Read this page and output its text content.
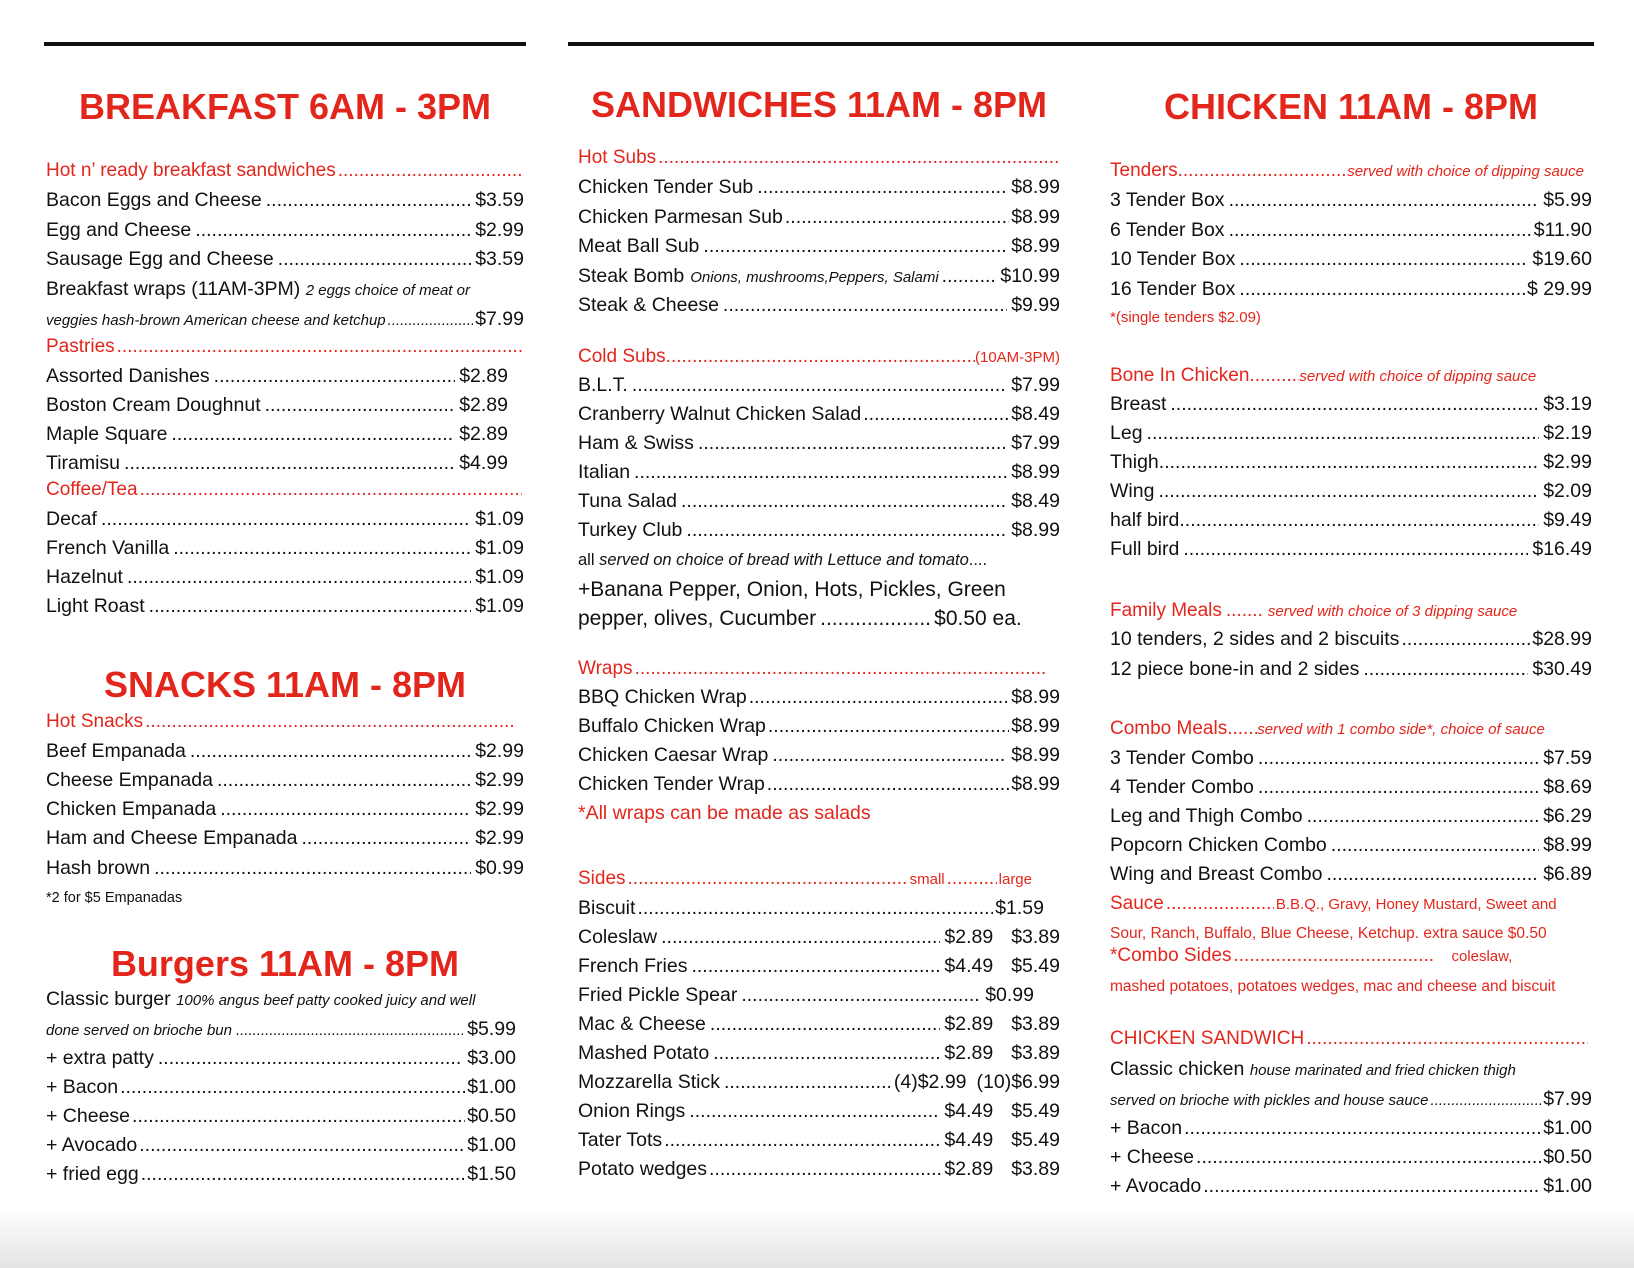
BREAKFAST 6AM - 3PM
Hot n’ ready breakfast sandwiches
.....
Bacon Eggs and Cheese .....	$3.59
Egg and Cheese .....	$2.99
Sausage Egg and Cheese .....	$3.59
Breakfast wraps (11AM-3PM) 2 eggs choice of meat or
veggies hash-brown American cheese and ketchup .....	$7.99
Pastries
.....
Assorted Danishes .....	$2.89
Boston Cream Doughnut .....	$2.89
Maple Square .....	$2.89
Tiramisu .....	$4.99
Coffee/Tea
.....
Decaf .....	$1.09
French Vanilla .....	$1.09
Hazelnut .....	$1.09
Light Roast .....	$1.09
SNACKS 11AM - 8PM
Hot Snacks
.....
Beef Empanada .....	$2.99
Cheese Empanada .....	$2.99
Chicken Empanada .....	$2.99
Ham and Cheese Empanada .....	$2.99
Hash brown .....	$0.99
*2 for $5 Empanadas
Burgers 11AM - 8PM
Classic burger 100% angus beef patty cooked juicy and well
done served on brioche bun .....	$5.99
+ extra patty .....	$3.00
+ Bacon .....	$1.00
+ Cheese .....	$0.50
+ Avocado .....	$1.00
+ fried egg .....	$1.50
SANDWICHES 11AM - 8PM
Hot Subs
.....
Chicken Tender Sub .....	$8.99
Chicken Parmesan Sub .....	$8.99
Meat Ball Sub .....	$8.99
Steak Bomb Onions, mushrooms,Peppers, Salami .....	$10.99
Steak & Cheese .....	$9.99
Cold Subs .....	(10AM-3PM)
B.L.T. .....	$7.99
Cranberry Walnut Chicken Salad .....	$8.49
Ham & Swiss .....	$7.99
Italian .....	$8.99
Tuna Salad .....	$8.49
Turkey Club .....	$8.99
all served on choice of bread with Lettuce and tomato....
+Banana Pepper, Onion, Hots, Pickles, Green
pepper, olives, Cucumber .....	$0.50 ea.
Wraps
.....
BBQ Chicken Wrap .....	$8.99
Buffalo Chicken Wrap .....	$8.99
Chicken Caesar Wrap .....	$8.99
Chicken Tender Wrap .....	$8.99
*All wraps can be made as salads
Sides .....	small .....	large
Biscuit .....	$1.59
Coleslaw .....	$2.89 $3.89
French Fries .....	$4.49 $5.49
Fried Pickle Spear .....	$0.99
Mac & Cheese .....	$2.89 $3.89
Mashed Potato .....	$2.89 $3.89
Mozzarella Stick .....	(4)$2.99 (10)$6.99
Onion Rings .....	$4.49 $5.49
Tater Tots .....	$4.49 $5.49
Potato wedges .....	$2.89 $3.89
CHICKEN 11AM - 8PM
Tenders .....	served with choice of dipping sauce
3 Tender Box .....	$5.99
6 Tender Box .....	$11.90
10 Tender Box .....	$19.60
16 Tender Box .....	$ 29.99
*(single tenders $2.09)
Bone In Chicken .....	served with choice of dipping sauce
Breast .....	$3.19
Leg .....	$2.19
Thigh .....	$2.99
Wing .....	$2.09
half bird .....	$9.49
Full bird .....	$16.49
Family Meals .....	served with choice of 3 dipping sauce
10 tenders, 2 sides and 2 biscuits .....	$28.99
12 piece bone-in and 2 sides .....	$30.49
Combo Meals ..... served with 1 combo side*, choice of sauce
3 Tender Combo .....	$7.59
4 Tender Combo .....	$8.69
Leg and Thigh Combo .....	$6.29
Popcorn Chicken Combo .....	$8.99
Wing and Breast Combo .....	$6.89
Sauce .....	B.B.Q., Gravy, Honey Mustard, Sweet and
Sour, Ranch, Buffalo, Blue Cheese, Ketchup. extra sauce $0.50
*Combo Sides .....	coleslaw,
mashed potatoes, potatoes wedges, mac and cheese and biscuit
CHICKEN SANDWICH
.....
Classic chicken house marinated and fried chicken thigh
served on brioche with pickles and house sauce .....	$7.99
+ Bacon .....	$1.00
+ Cheese .....	$0.50
+ Avocado .....	$1.00
